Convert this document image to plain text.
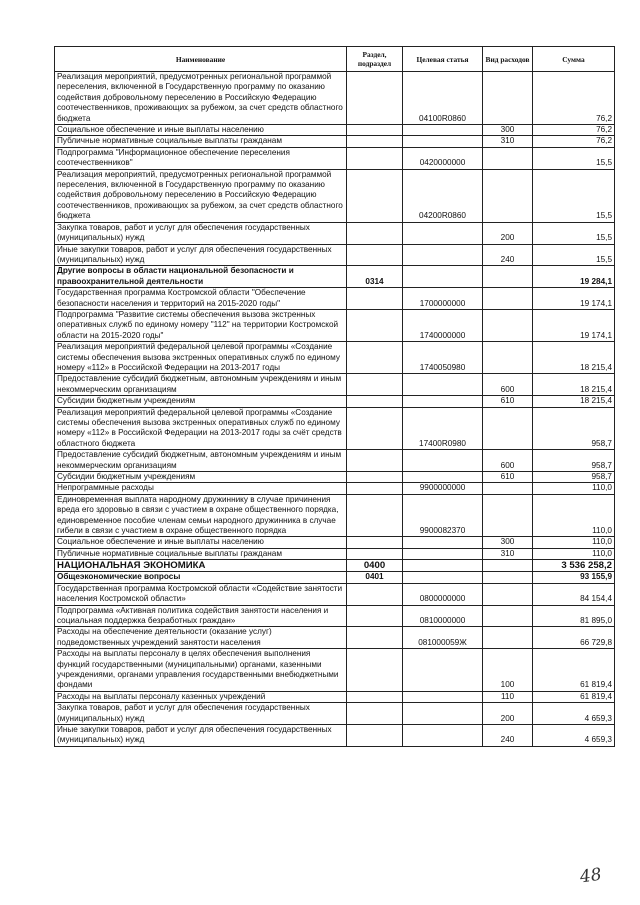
Наименование	Раздел, подраздел	Целевая статья	Вид расходов	Сумма
Реализация мероприятий, предусмотренных региональной программой переселения, включенной в Государственную программу по оказанию содействия добровольному переселению в Российскую Федерацию соотечественников, проживающих за рубежом, за счет средств областного бюджета		04100R0860		76,2
Социальное обеспечение и иные выплаты населению			300	76,2
Публичные нормативные социальные выплаты гражданам			310	76,2
Подпрограмма "Информационное обеспечение переселения соотечественников"		0420000000		15,5
Реализация мероприятий, предусмотренных региональной программой переселения, включенной в Государственную программу по оказанию содействия добровольному переселению в Российскую Федерацию соотечественников, проживающих за рубежом, за счет средств областного бюджета		04200R0860		15,5
Закупка товаров, работ и услуг для обеспечения государственных (муниципальных) нужд			200	15,5
Иные закупки товаров, работ и услуг для обеспечения государственных (муниципальных) нужд			240	15,5
Другие вопросы в области национальной безопасности и правоохранительной деятельности	0314			19 284,1
Государственная программа Костромской области "Обеспечение безопасности населения и территорий на 2015-2020 годы"		1700000000		19 174,1
Подпрограмма "Развитие системы обеспечения вызова экстренных оперативных служб по единому номеру "112" на территории Костромской области на 2015-2020 годы"		1740000000		19 174,1
Реализация мероприятий федеральной целевой программы «Создание системы обеспечения вызова экстренных оперативных служб по единому номеру «112» в Российской Федерации на 2013-2017 годы		1740050980		18 215,4
Предоставление субсидий бюджетным, автономным учреждениям и иным некоммерческим организациям			600	18 215,4
Субсидии бюджетным учреждениям			610	18 215,4
Реализация мероприятий федеральной целевой программы «Создание системы обеспечения вызова экстренных оперативных служб по единому номеру «112» в Российской Федерации на 2013-2017 годы за счёт средств областного бюджета		17400R0980		958,7
Предоставление субсидий бюджетным, автономным учреждениям и иным некоммерческим организациям			600	958,7
Субсидии бюджетным учреждениям			610	958,7
Непрограммные расходы		9900000000		110,0
Единовременная выплата народному дружиннику в случае причинения вреда его здоровью в связи с участием в охране общественного порядка, единовременное пособие членам семьи народного дружинника в случае гибели в связи с участием в охране общественного порядка		9900082370		110,0
Социальное обеспечение и иные выплаты населению			300	110,0
Публичные нормативные социальные выплаты гражданам			310	110,0
НАЦИОНАЛЬНАЯ ЭКОНОМИКА	0400			3 536 258,2
Общеэкономические вопросы	0401			93 155,9
Государственная программа Костромской области «Содействие занятости населения Костромской области»		0800000000		84 154,4
Подпрограмма «Активная политика содействия занятости населения и социальная поддержка безработных граждан»		0810000000		81 895,0
Расходы на обеспечение деятельности (оказание услуг) подведомственных учреждений занятости населения		081000059Ж		66 729,8
Расходы на выплаты персоналу в целях обеспечения выполнения функций государственными (муниципальными) органами, казенными учреждениями, органами управления государственными внебюджетными фондами			100	61 819,4
Расходы на выплаты персоналу казенных учреждений			110	61 819,4
Закупка товаров, работ и услуг для обеспечения государственных (муниципальных) нужд			200	4 659,3
Иные закупки товаров, работ и услуг для обеспечения государственных (муниципальных) нужд			240	4 659,3
48
